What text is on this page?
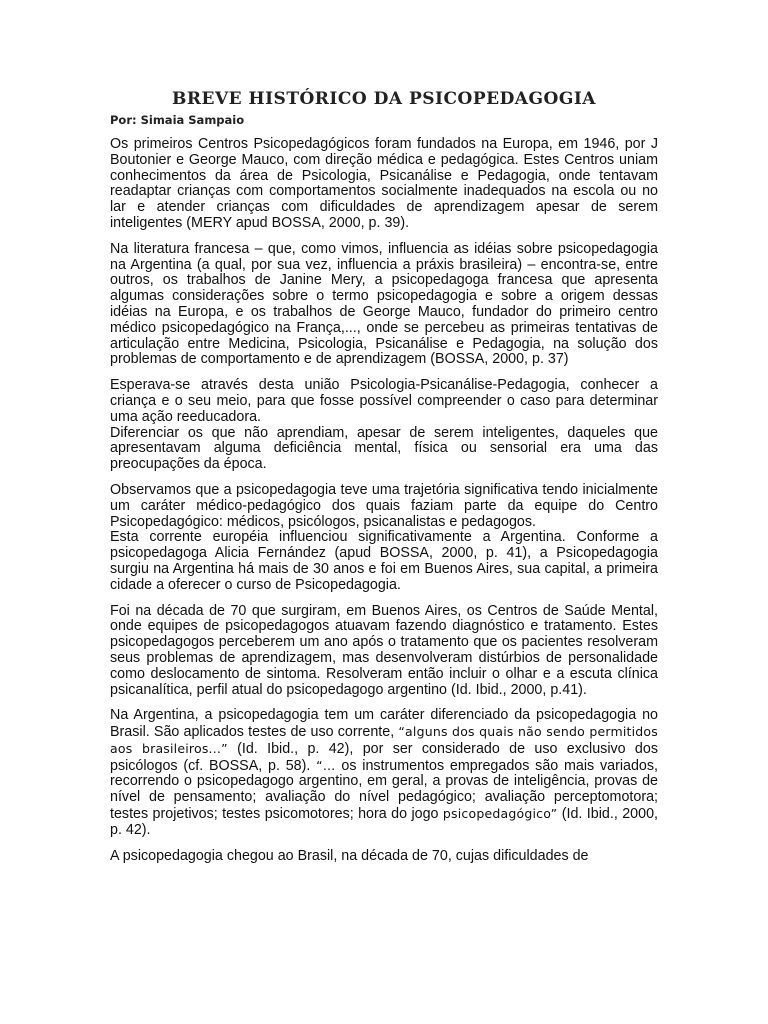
BREVE HISTÓRICO DA PSICOPEDAGOGIA
Por: Simaia Sampaio

Os primeiros Centros Psicopedagógicos foram fundados na Europa, em 1946, por J Boutonier e George Mauco, com direção médica e pedagógica. Estes Centros uniam conhecimentos da área de Psicologia, Psicanálise e Pedagogia, onde tentavam readaptar crianças com comportamentos socialmente inadequados na escola ou no lar e atender crianças com dificuldades de aprendizagem apesar de serem inteligentes (MERY apud BOSSA, 2000, p. 39).

Na literatura francesa – que, como vimos, influencia as idéias sobre psicopedagogia na Argentina (a qual, por sua vez, influencia a práxis brasileira) – encontra-se, entre outros, os trabalhos de Janine Mery, a psicopedagoga francesa que apresenta algumas considerações sobre o termo psicopedagogia e sobre a origem dessas idéias na Europa, e os trabalhos de George Mauco, fundador do primeiro centro médico psicopedagógico na França,..., onde se percebeu as primeiras tentativas de articulação entre Medicina, Psicologia, Psicanálise e Pedagogia, na solução dos problemas de comportamento e de aprendizagem (BOSSA, 2000, p. 37)

Esperava-se através desta união Psicologia-Psicanálise-Pedagogia, conhecer a criança e o seu meio, para que fosse possível compreender o caso para determinar uma ação reeducadora.

Diferenciar os que não aprendiam, apesar de serem inteligentes, daqueles que apresentavam alguma deficiência mental, física ou sensorial era uma das preocupações da época.

Observamos que a psicopedagogia teve uma trajetória significativa tendo inicialmente um caráter médico-pedagógico dos quais faziam parte da equipe do Centro Psicopedagógico: médicos, psicólogos, psicanalistas e pedagogos.

Esta corrente européia influenciou significativamente a Argentina. Conforme a psicopedagoga Alicia Fernández (apud BOSSA, 2000, p. 41), a Psicopedagogia surgiu na Argentina há mais de 30 anos e foi em Buenos Aires, sua capital, a primeira cidade a oferecer o curso de Psicopedagogia.

Foi na década de 70 que surgiram, em Buenos Aires, os Centros de Saúde Mental, onde equipes de psicopedagogos atuavam fazendo diagnóstico e tratamento. Estes psicopedagogos perceberem um ano após o tratamento que os pacientes resolveram seus problemas de aprendizagem, mas desenvolveram distúrbios de personalidade como deslocamento de sintoma. Resolveram então incluir o olhar e a escuta clínica psicanalítica, perfil atual do psicopedagogo argentino (Id. Ibid., 2000, p.41).

Na Argentina, a psicopedagogia tem um caráter diferenciado da psicopedagogia no Brasil. São aplicados testes de uso corrente, “alguns dos quais não sendo permitidos aos brasileiros...” (Id. Ibid., p. 42), por ser considerado de uso exclusivo dos psicólogos (cf. BOSSA, p. 58). “... os instrumentos empregados são mais variados, recorrendo o psicopedagogo argentino, em geral, a provas de inteligência, provas de nível de pensamento; avaliação do nível pedagógico; avaliação perceptomotora; testes projetivos; testes psicomotores; hora do jogo psicopedagógico” (Id. Ibid., 2000, p. 42).

A psicopedagogia chegou ao Brasil, na década de 70, cujas dificuldades de
